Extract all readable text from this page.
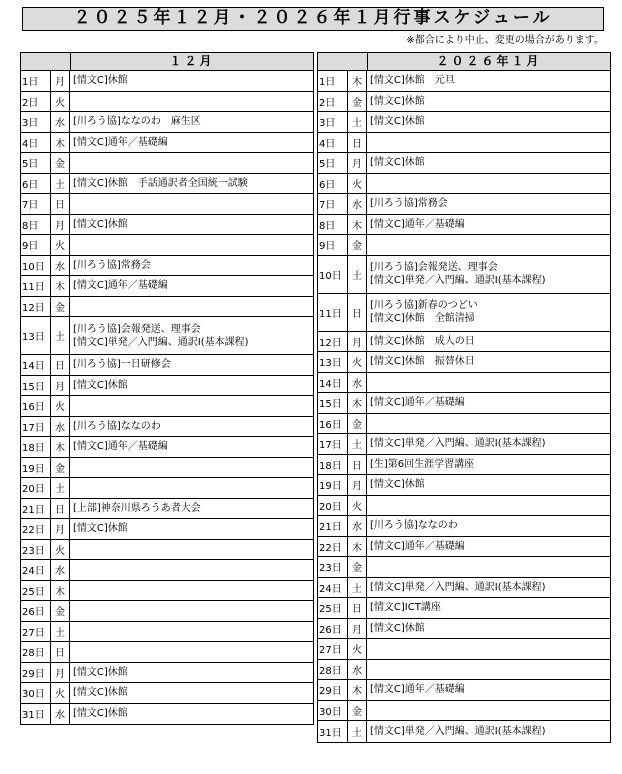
２０２５年１２月・２０２６年１月行事スケジュール
※都合により中止、変更の場合があります。
１２月
1日	月 [情文C]休館
2日	火
3日	水 [川ろう協]ななのわ　麻生区
4日	木 [情文C]通年／基礎編
5日	金
6日	土 [情文C]休館　手話通訳者全国統一試験
7日	日
8日	月 [情文C]休館
9日	火
10日	水 [川ろう協]常務会
11日	木 [情文C]通年／基礎編
12日	金
13日	土
[川ろう協]会報発送、理事会
[情文C]単発／入門編、通訳Ⅰ(基本課程)
14日	日 [川ろう協]一日研修会
15日	月 [情文C]休館
16日	火
17日	水 [川ろう協]ななのわ
18日	木 [情文C]通年／基礎編
19日	金
20日	土
21日	日 [上部]神奈川県ろうあ者大会
22日	月 [情文C]休館
23日	火
24日	水
25日	木
26日	金
27日	土
28日	日
29日	月 [情文C]休館
30日	火 [情文C]休館
31日	水 [情文C]休館
２０２６年１月
1日	木 [情文C]休館　元旦
2日	金 [情文C]休館
3日	土 [情文C]休館
4日	日
5日	月 [情文C]休館
6日	火
7日	水 [川ろう協]常務会
8日	木 [情文C]通年／基礎編
9日	金
10日	土
[川ろう協]会報発送、理事会
[情文C]単発／入門編、通訳Ⅰ(基本課程)
11日	日
[川ろう協]新春のつどい
[情文C]休館　全館清掃
12日	月 [情文C]休館　成人の日
13日	火 [情文C]休館　振替休日
14日	水
15日	木 [情文C]通年／基礎編
16日	金
17日	土 [情文C]単発／入門編、通訳Ⅰ(基本課程)
18日	日 [生]第6回生涯学習講座
19日	月 [情文C]休館
20日	火
21日	水 [川ろう協]ななのわ
22日	木 [情文C]通年／基礎編
23日	金
24日	土 [情文C]単発／入門編、通訳Ⅰ(基本課程)
25日	日 [情文C]ICT講座
26日	月 [情文C]休館
27日	火
28日	水
29日	木 [情文C]通年／基礎編
30日	金
31日	土 [情文C]単発／入門編、通訳Ⅰ(基本課程)
